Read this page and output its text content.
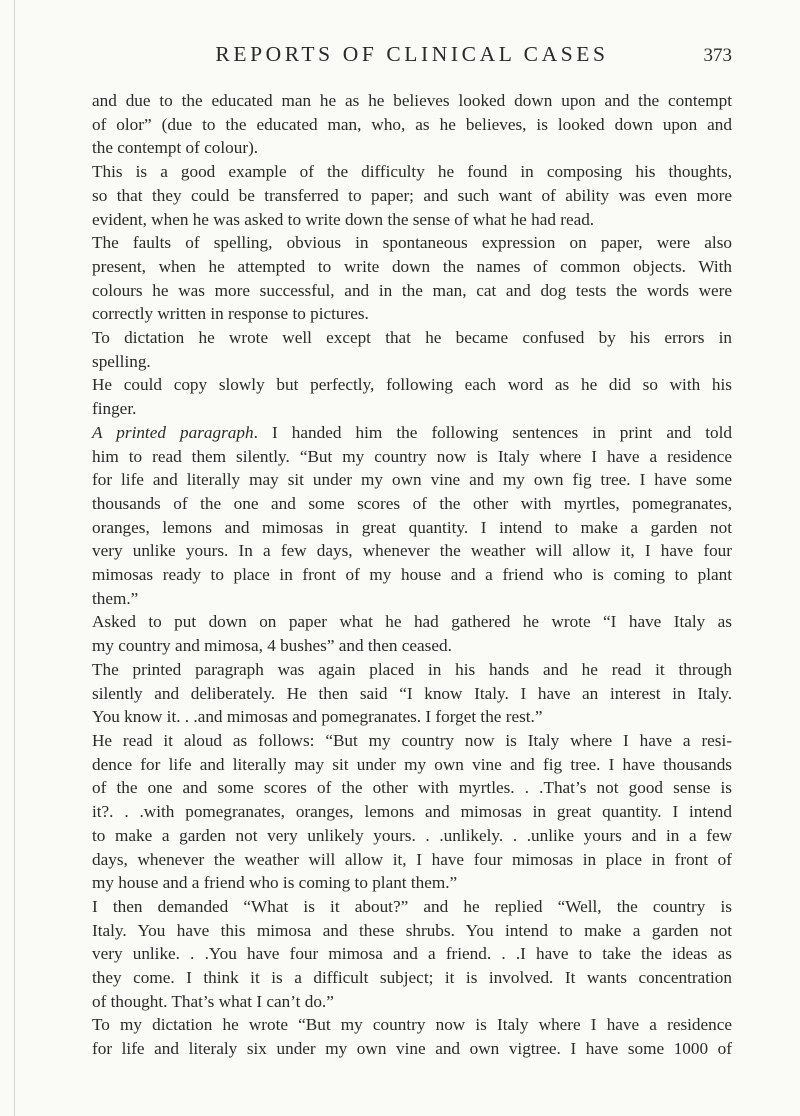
REPORTS OF CLINICAL CASES	373
and due to the educated man he as he believes looked down upon and the contempt
of olor” (due to the educated man, who, as he believes, is looked down upon and
the contempt of colour).
This is a good example of the difficulty he found in composing his thoughts,
so that they could be transferred to paper; and such want of ability was even more
evident, when he was asked to write down the sense of what he had read.
The faults of spelling, obvious in spontaneous expression on paper, were also
present, when he attempted to write down the names of common objects. With
colours he was more successful, and in the man, cat and dog tests the words were
correctly written in response to pictures.
To dictation he wrote well except that he became confused by his errors in
spelling.
He could copy slowly but perfectly, following each word as he did so with his
finger.
A printed paragraph. I handed him the following sentences in print and told
him to read them silently. “But my country now is Italy where I have a residence
for life and literally may sit under my own vine and my own fig tree. I have some
thousands of the one and some scores of the other with myrtles, pomegranates,
oranges, lemons and mimosas in great quantity. I intend to make a garden not
very unlike yours. In a few days, whenever the weather will allow it, I have four
mimosas ready to place in front of my house and a friend who is coming to plant
them.”
Asked to put down on paper what he had gathered he wrote “I have Italy as
my country and mimosa, 4 bushes” and then ceased.
The printed paragraph was again placed in his hands and he read it through
silently and deliberately. He then said “I know Italy. I have an interest in Italy.
You know it. . .and mimosas and pomegranates. I forget the rest.”
He read it aloud as follows: “But my country now is Italy where I have a resi-
dence for life and literally may sit under my own vine and fig tree. I have thousands
of the one and some scores of the other with myrtles. . .That’s not good sense is
it?. . .with pomegranates, oranges, lemons and mimosas in great quantity. I intend
to make a garden not very unlikely yours. . .unlikely. . .unlike yours and in a few
days, whenever the weather will allow it, I have four mimosas in place in front of
my house and a friend who is coming to plant them.”
I then demanded “What is it about?” and he replied “Well, the country is
Italy. You have this mimosa and these shrubs. You intend to make a garden not
very unlike. . .You have four mimosa and a friend. . .I have to take the ideas as
they come. I think it is a difficult subject; it is involved. It wants concentration
of thought. That’s what I can’t do.”
To my dictation he wrote “But my country now is Italy where I have a residence
for life and literaly six under my own vine and own vigtree. I have some 1000 of
